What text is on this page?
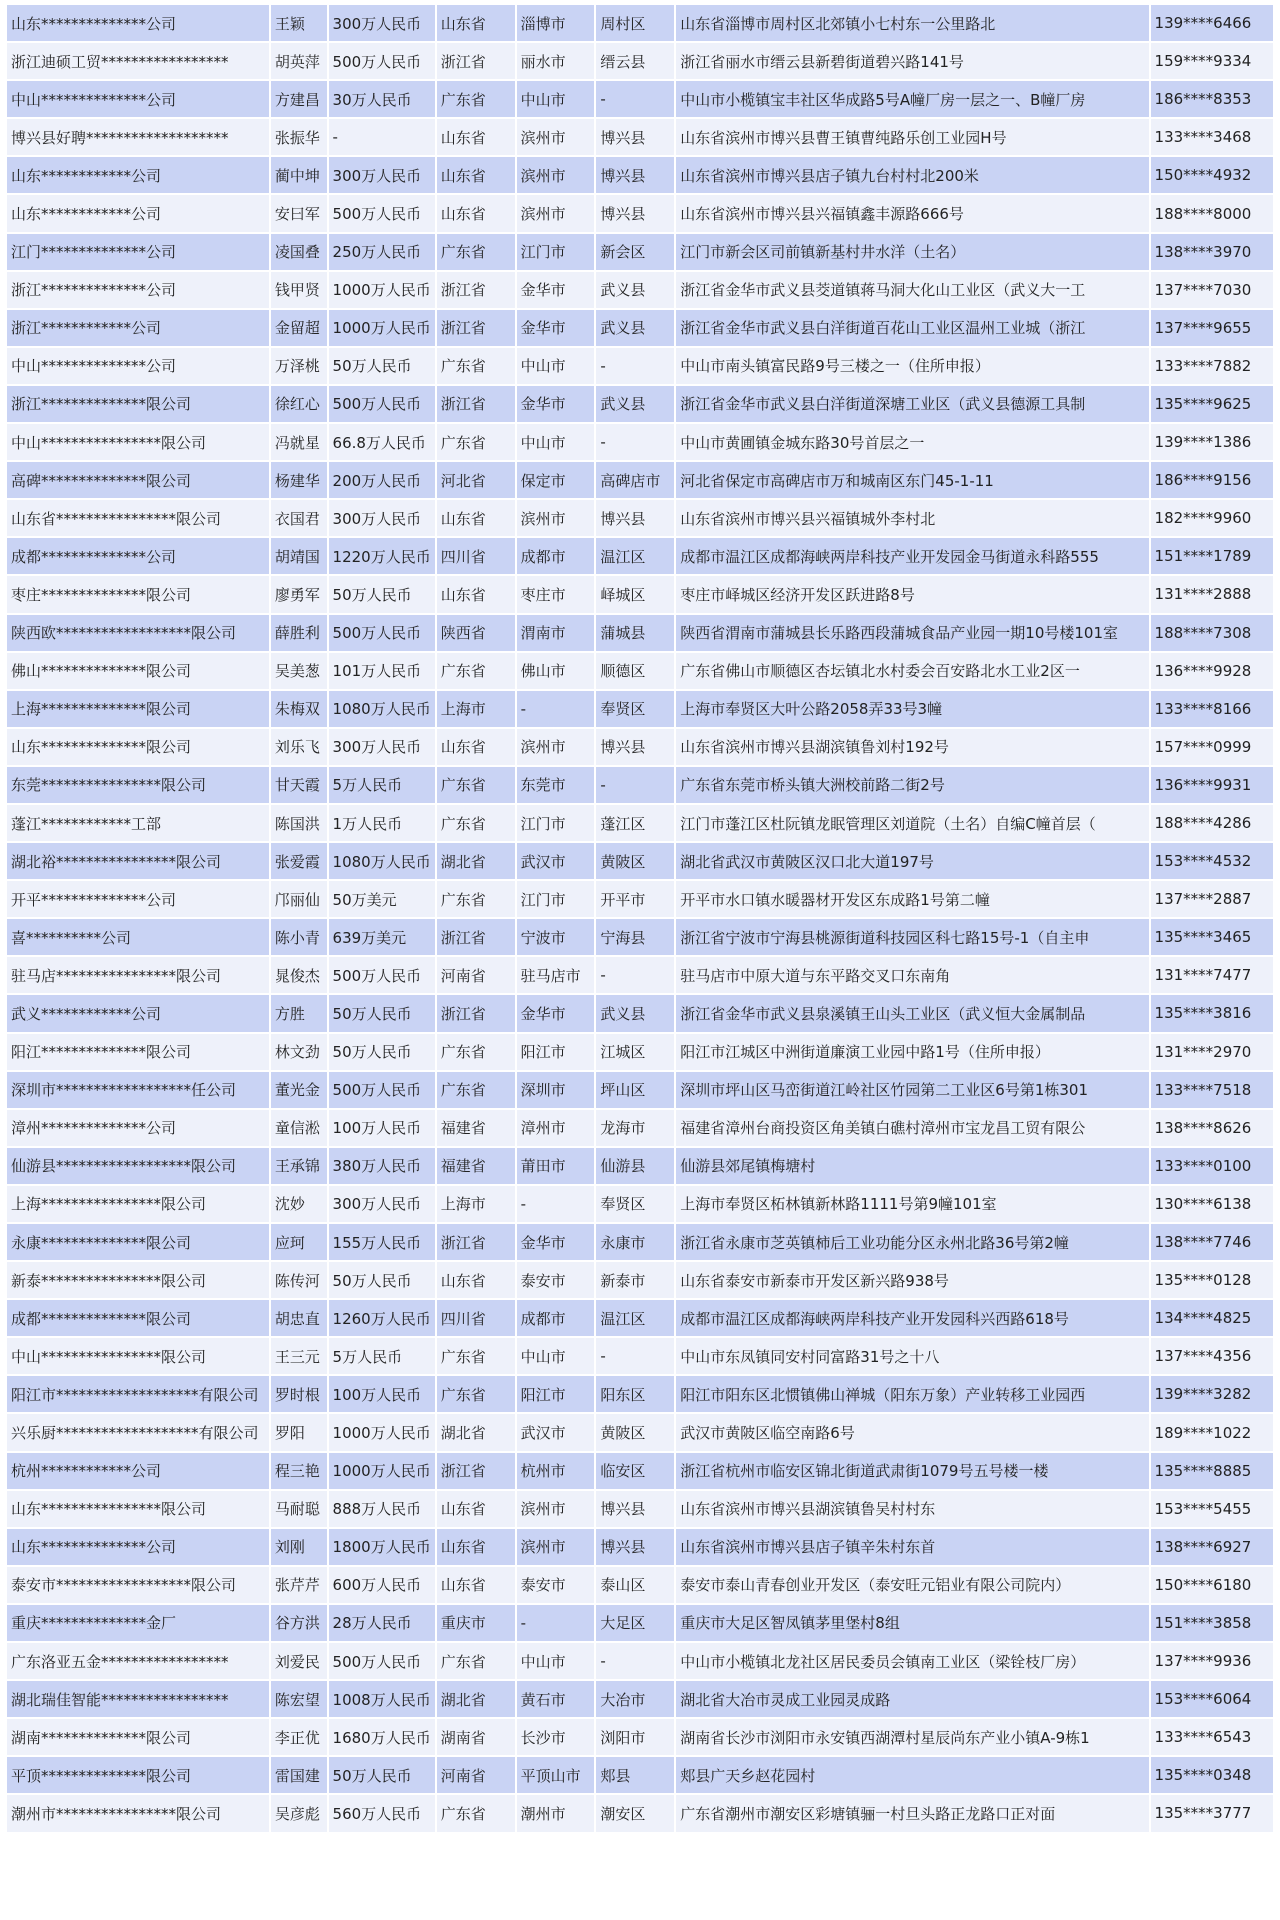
山东**************公司	王颖	300万人民币	山东省	淄博市	周村区	山东省淄博市周村区北郊镇小七村东一公里路北	139****6466
浙江迪硕工贸*****************	胡英萍	500万人民币	浙江省	丽水市	缙云县	浙江省丽水市缙云县新碧街道碧兴路141号	159****9334
中山**************公司	方建昌	30万人民币	广东省	中山市	-	中山市小榄镇宝丰社区华成路5号A幢厂房一层之一、B幢厂房	186****8353
博兴县好聘*******************	张振华	-	山东省	滨州市	博兴县	山东省滨州市博兴县曹王镇曹纯路乐创工业园H号	133****3468
山东************公司	蔺中坤	300万人民币	山东省	滨州市	博兴县	山东省滨州市博兴县店子镇九台村村北200米	150****4932
山东************公司	安曰军	500万人民币	山东省	滨州市	博兴县	山东省滨州市博兴县兴福镇鑫丰源路666号	188****8000
江门**************公司	凌国叠	250万人民币	广东省	江门市	新会区	江门市新会区司前镇新基村井水洋（土名）	138****3970
浙江**************公司	钱甲贤	1000万人民币	浙江省	金华市	武义县	浙江省金华市武义县茭道镇蒋马洞大化山工业区（武义大一工	137****7030
浙江************公司	金留超	1000万人民币	浙江省	金华市	武义县	浙江省金华市武义县白洋街道百花山工业区温州工业城（浙江	137****9655
中山**************公司	万泽桃	50万人民币	广东省	中山市	-	中山市南头镇富民路9号三楼之一（住所申报）	133****7882
浙江**************限公司	徐红心	500万人民币	浙江省	金华市	武义县	浙江省金华市武义县白洋街道深塘工业区（武义县德源工具制	135****9625
中山****************限公司	冯就星	66.8万人民币	广东省	中山市	-	中山市黄圃镇金城东路30号首层之一	139****1386
高碑**************限公司	杨建华	200万人民币	河北省	保定市	高碑店市	河北省保定市高碑店市万和城南区东门45-1-11	186****9156
山东省****************限公司	衣国君	300万人民币	山东省	滨州市	博兴县	山东省滨州市博兴县兴福镇城外李村北	182****9960
成都**************公司	胡靖国	1220万人民币	四川省	成都市	温江区	成都市温江区成都海峡两岸科技产业开发园金马街道永科路555	151****1789
枣庄**************限公司	廖勇军	50万人民币	山东省	枣庄市	峄城区	枣庄市峄城区经济开发区跃进路8号	131****2888
陕西欧******************限公司	薛胜利	500万人民币	陕西省	渭南市	蒲城县	陕西省渭南市蒲城县长乐路西段蒲城食品产业园一期10号楼101室	188****7308
佛山**************限公司	吴美葱	101万人民币	广东省	佛山市	顺德区	广东省佛山市顺德区杏坛镇北水村委会百安路北水工业2区一	136****9928
上海**************限公司	朱梅双	1080万人民币	上海市	-	奉贤区	上海市奉贤区大叶公路2058弄33号3幢	133****8166
山东**************限公司	刘乐飞	300万人民币	山东省	滨州市	博兴县	山东省滨州市博兴县湖滨镇鲁刘村192号	157****0999
东莞****************限公司	甘天霞	5万人民币	广东省	东莞市	-	广东省东莞市桥头镇大洲校前路二街2号	136****9931
蓬江************工部	陈国洪	1万人民币	广东省	江门市	蓬江区	江门市蓬江区杜阮镇龙眠管理区刘道院（土名）自编C幢首层（	188****4286
湖北裕****************限公司	张爱霞	1080万人民币	湖北省	武汉市	黄陂区	湖北省武汉市黄陂区汉口北大道197号	153****4532
开平**************公司	邝丽仙	50万美元	广东省	江门市	开平市	开平市水口镇水暖器材开发区东成路1号第二幢	137****2887
喜**********公司	陈小青	639万美元	浙江省	宁波市	宁海县	浙江省宁波市宁海县桃源街道科技园区科七路15号-1（自主申	135****3465
驻马店****************限公司	晁俊杰	500万人民币	河南省	驻马店市	-	驻马店市中原大道与东平路交叉口东南角	131****7477
武义************公司	方胜	50万人民币	浙江省	金华市	武义县	浙江省金华市武义县泉溪镇王山头工业区（武义恒大金属制品	135****3816
阳江**************限公司	林文劲	50万人民币	广东省	阳江市	江城区	阳江市江城区中洲街道廉演工业园中路1号（住所申报）	131****2970
深圳市******************任公司	董光金	500万人民币	广东省	深圳市	坪山区	深圳市坪山区马峦街道江岭社区竹园第二工业区6号第1栋301	133****7518
漳州**************公司	童信淞	100万人民币	福建省	漳州市	龙海市	福建省漳州台商投资区角美镇白礁村漳州市宝龙昌工贸有限公	138****8626
仙游县******************限公司	王承锦	380万人民币	福建省	莆田市	仙游县	仙游县郊尾镇梅塘村	133****0100
上海****************限公司	沈妙	300万人民币	上海市	-	奉贤区	上海市奉贤区柘林镇新林路1111号第9幢101室	130****6138
永康**************限公司	应珂	155万人民币	浙江省	金华市	永康市	浙江省永康市芝英镇柿后工业功能分区永州北路36号第2幢	138****7746
新泰****************限公司	陈传河	50万人民币	山东省	泰安市	新泰市	山东省泰安市新泰市开发区新兴路938号	135****0128
成都**************限公司	胡忠直	1260万人民币	四川省	成都市	温江区	成都市温江区成都海峡两岸科技产业开发园科兴西路618号	134****4825
中山****************限公司	王三元	5万人民币	广东省	中山市	-	中山市东凤镇同安村同富路31号之十八	137****4356
阳江市*******************有限公司	罗时根	100万人民币	广东省	阳江市	阳东区	阳江市阳东区北惯镇佛山禅城（阳东万象）产业转移工业园西	139****3282
兴乐厨*******************有限公司	罗阳	1000万人民币	湖北省	武汉市	黄陂区	武汉市黄陂区临空南路6号	189****1022
杭州************公司	程三艳	1000万人民币	浙江省	杭州市	临安区	浙江省杭州市临安区锦北街道武肃街1079号五号楼一楼	135****8885
山东****************限公司	马耐聪	888万人民币	山东省	滨州市	博兴县	山东省滨州市博兴县湖滨镇鲁吴村村东	153****5455
山东**************公司	刘刚	1800万人民币	山东省	滨州市	博兴县	山东省滨州市博兴县店子镇辛朱村东首	138****6927
泰安市******************限公司	张芹芹	600万人民币	山东省	泰安市	泰山区	泰安市泰山青春创业开发区（泰安旺元铝业有限公司院内）	150****6180
重庆**************金厂	谷方洪	28万人民币	重庆市	-	大足区	重庆市大足区智凤镇茅里堡村8组	151****3858
广东洛亚五金*****************	刘爱民	500万人民币	广东省	中山市	-	中山市小榄镇北龙社区居民委员会镇南工业区（梁铨枝厂房）	137****9936
湖北瑞佳智能*****************	陈宏望	1008万人民币	湖北省	黄石市	大冶市	湖北省大冶市灵成工业园灵成路	153****6064
湖南**************限公司	李正优	1680万人民币	湖南省	长沙市	浏阳市	湖南省长沙市浏阳市永安镇西湖潭村星辰尚东产业小镇A-9栋1	133****6543
平顶**************限公司	雷国建	50万人民币	河南省	平顶山市	郏县	郏县广天乡赵花园村	135****0348
潮州市****************限公司	吴彦彪	560万人民币	广东省	潮州市	潮安区	广东省潮州市潮安区彩塘镇骊一村旦头路正龙路口正对面	135****3777
